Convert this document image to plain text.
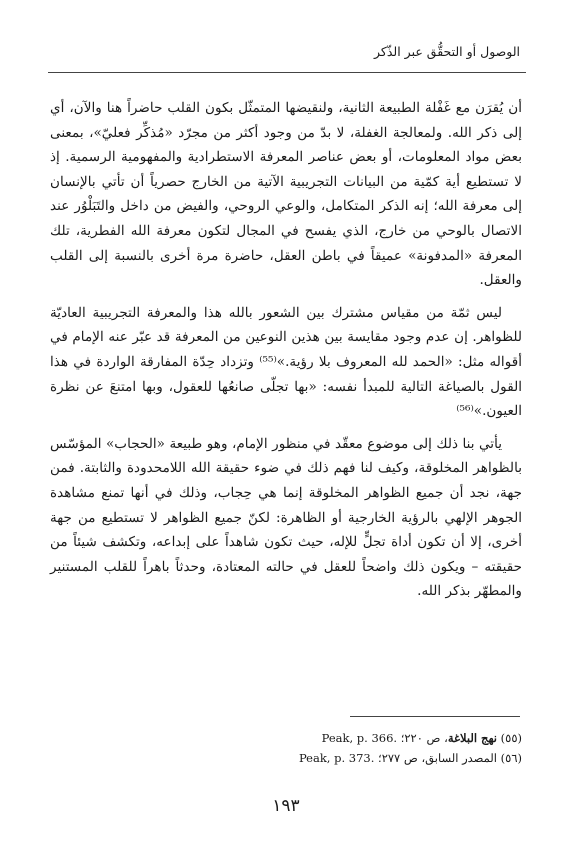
الوصول أو التحقُّق عبر الذّكر

أن يُقرَن مع غَفْلة الطبيعة الثانية، ولنقيضها المتمثّل بكون القلب حاضراً هنا والآن، أي إلى ذكر الله. ولمعالجة الغفلة، لا بدّ من وجود أكثر من مجرّد «مُذكِّر فعليّ»، بمعنى بعض مواد المعلومات، أو بعض عناصر المعرفة الاستطرادية والمفهومية الرسمية. إذ لا تستطيع أية كمّية من البيانات التجريبية الآتية من الخارج حصرياً أن تأتي بالإنسان إلى معرفة الله؛ إنه الذكر المتكامل، والوعي الروحي، والفيض من داخل والتَبَلْوُر عند الاتصال بالوحي من خارج، الذي يفسح في المجال لتكون معرفة الله الفطرية، تلك المعرفة «المدفونة» عميقاً في باطن العقل، حاضرة مرة أخرى بالنسبة إلى القلب والعقل.

ليس ثمّة من مقياس مشترك بين الشعور بالله هذا والمعرفة التجريبية العاديّة للظواهر. إن عدم وجود مقايسة بين هذين النوعين من المعرفة قد عبّر عنه الإمام في أقواله مثل: «الحمد لله المعروف بلا رؤية.»⁽⁵⁵⁾ وتزداد حِدّة المفارقة الواردة في هذا القول بالصياغة التالية للمبدأ نفسه: «بها تجلّى صانعُها للعقول، وبها امتنعَ عن نظرة العيون.»⁽⁵⁶⁾

يأتي بنا ذلك إلى موضوع معقّد في منظور الإمام، وهو طبيعة «الحجاب» المؤسّس بالظواهر المخلوقة، وكيف لنا فهم ذلك في ضوء حقيقة الله اللامحدودة والثابتة. فمن جهة، نجد أن جميع الظواهر المخلوقة إنما هي حِجاب، وذلك في أنها تمنع مشاهدة الجوهر الإلهي بالرؤية الخارجية أو الظاهرة: لكنّ جميع الظواهر لا تستطيع من جهة أخرى، إلا أن تكون أداة تجلٍّ للإله، حيث تكون شاهداً على إبداعه، وتكشف شيئاً من حقيقته – ويكون ذلك واضحاً للعقل في حالته المعتادة، وحدثاً باهراً للقلب المستنير والمطهّر بذكر الله.

(٥٥) نهج البلاغة، ص ٢٢٠؛ Peak, p. 366.

(٥٦) المصدر السابق، ص ٢٧٧؛ Peak, p. 373.

١٩٣
